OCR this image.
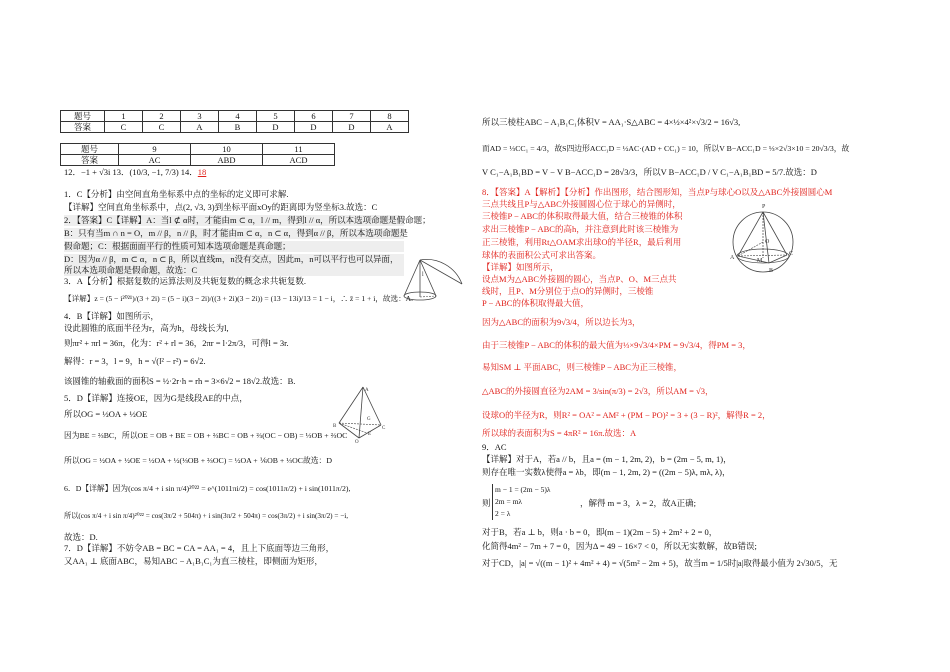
题号	1	2	3	4	5	6	7	8
答案	C	C	A	B	D	D	D	A
题号	9	10	11
答案	AC	ABD	ACD
12．−1 + √3i 13．(10/3, −1, 7/3) 14．18
1．C【分析】由空间直角坐标系中点的坐标的定义即可求解.
【详解】空间直角坐标系中，点(2, √3, 3)到坐标平面xOy的距离即为竖坐标3.故选：C
2．【答案】C【详解】A：当l ⊄ α时，才能由m ⊂ α，l // m，得到l // α，所以本选项命题是假命题；
B：只有当m ∩ n = O，m // β，n // β，时才能由m ⊂ α，n ⊂ α，得到α // β，所以本选项命题是
假命题；C：根据面面平行的性质可知本选项命题是真命题；
D：因为α // β，m ⊂ α，n ⊂ β，所以直线m，n没有交点，因此m，n可以平行也可以异面，
所以本选项命题是假命题，故选：C
3．A【分析】根据复数的运算法则及共轭复数的概念求共轭复数.
【详解】z = (5 − i²⁰²¹)/(3 + 2i) = (5 − i)(3 − 2i)/((3 + 2i)(3 − 2i)) = (13 − 13i)/13 = 1 − i，∴ z̄ = 1 + i，故选：A.
4．B【详解】如图所示，
设此圆锥的底面半径为r，高为h，母线长为l,
则πr² + πrl = 36π，化为：r² + rl = 36，2πr = l·2π/3，可得l = 3r.
解得：r = 3，l = 9，h = √(l² − r²) = 6√2.
该圆锥的轴截面的面积S = ½·2r·h = rh = 3×6√2 = 18√2.故选：B.
5．D【详解】连接OE，因为G是线段AE的中点，
所以OG = ½OA + ½OE
因为BE = ⅔BC，所以OE = OB + BE = OB + ⅔BC = OB + ⅔(OC − OB) = ⅓OB + ⅔OC
所以OG = ½OA + ½OE = ½OA + ½(⅓OB + ⅔OC) = ½OA + ⅙OB + ⅓OC故选：D
6．D【详解】因为(cos π/4 + i sin π/4)²⁰²² = e^(1011πi/2) = cos(1011π/2) + i sin(1011π/2),
所以(cos π/4 + i sin π/4)²⁰²² = cos(3π/2 + 504π) + i sin(3π/2 + 504π) = cos(3π/2) + i sin(3π/2) = −i,
故选：D.
7．D【详解】不妨令AB = BC = CA = AA₁ = 4，且上下底面等边三角形，
又AA₁ ⊥ 底面ABC，易知ABC − A₁B₁C₁为直三棱柱，即侧面为矩形，
l
A
B	C
O
G
E
所以三棱柱ABC − A₁B₁C₁体积V = AA₁·S△ABC = 4×½×4²×√3/2 = 16√3,
而AD = ⅓CC₁ = 4/3，故S四边形ACC₁D = ½AC·(AD + CC₁) = 10，所以V B−ACC₁D = ⅓×2√3×10 = 20√3/3，故
V C₁−A₁B₁BD = V − V B−ACC₁D = 28√3/3，所以V B−ACC₁D / V C₁−A₁B₁BD = 5/7.故选：D
8．【答案】A【解析】【分析】作出图形，结合图形知，当点P与球心O以及△ABC外接圆圆心M
三点共线且P与△ABC外接圆圆心位于球心的异侧时，
三棱锥P − ABC的体积取得最大值，结合三棱锥的体积
求出三棱锥P − ABC的高h，并注意到此时该三棱锥为
正三棱锥，利用Rt△OAM求出球O的半径R，最后利用
球体的表面积公式可求出答案。
【详解】如图所示，
设点M为△ABC外接圆的圆心，当点P、O、M三点共
线时，且P、M分别位于点O的异侧时，三棱锥
P − ABC的体积取得最大值，
因为△ABC的面积为9√3/4，所以边长为3，
由于三棱锥P − ABC的体积的最大值为⅓×9√3/4×PM = 9√3/4，得PM = 3，
易知SM ⊥ 平面ABC，则三棱锥P − ABC为正三棱锥，
△ABC的外接圆直径为2AM = 3/sin(π/3) = 2√3，所以AM = √3，
设球O的半径为R，则R² = OA² = AM² + (PM − PO)² = 3 + (3 − R)²，解得R = 2，
所以球的表面积为S = 4πR² = 16π.故选：A
9．AC
【详解】对于A，若a // b，且a = (m − 1, 2m, 2)，b = (2m − 5, m, 1)，
则存在唯一实数λ使得a = λb，即(m − 1, 2m, 2) = ((2m − 5)λ, mλ, λ)，
则
m − 1 = (2m − 5)λ
2m = mλ
2 = λ
，解得 m = 3，λ = 2，故A正确;
对于B，若a ⊥ b，则a · b = 0，即(m − 1)(2m − 5) + 2m² + 2 = 0，
化简得4m² − 7m + 7 = 0，因为Δ = 49 − 16×7 < 0，所以无实数解，故B错误;
对于CD，|a| = √((m − 1)² + 4m² + 4) = √(5m² − 2m + 5)，故当m = 1/5时|a|取得最小值为 2√30/5，无
P
O
A
B
C
M
